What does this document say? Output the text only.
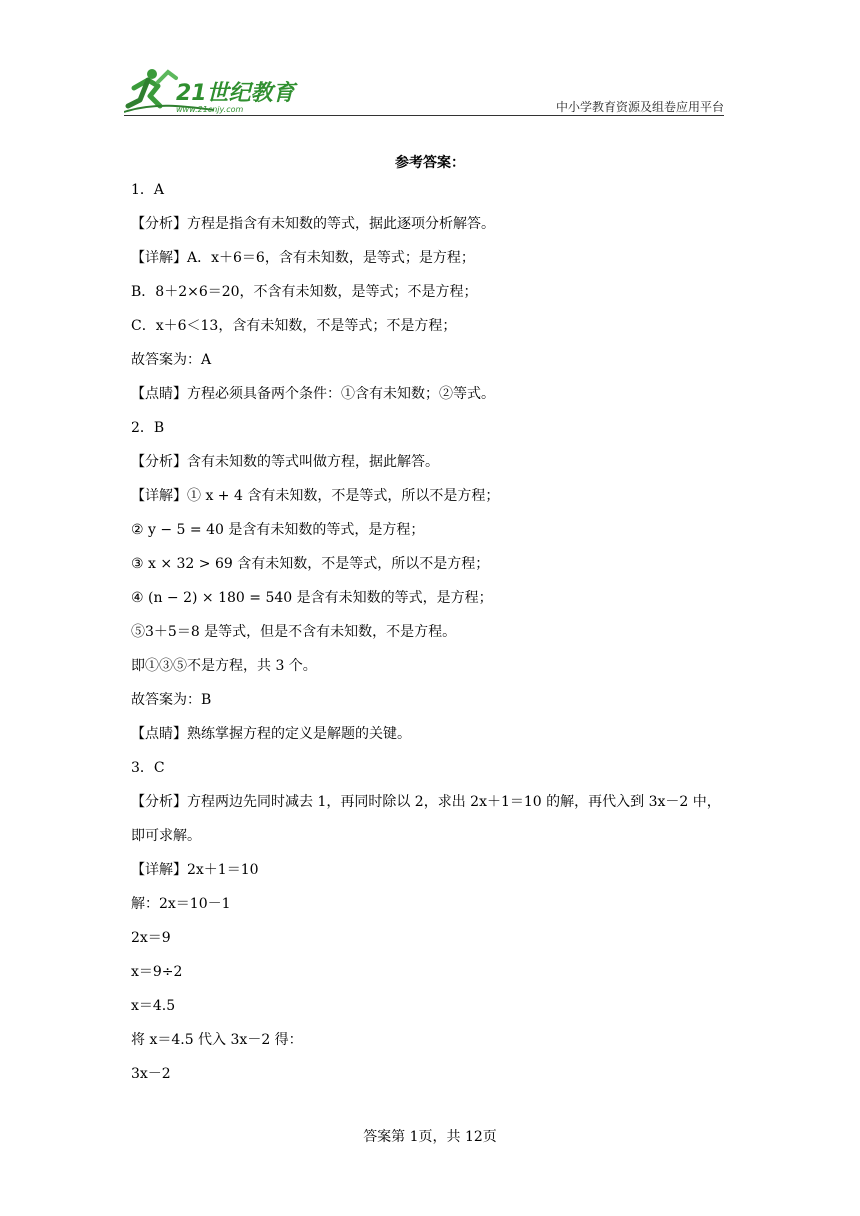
21世纪教育
www.21cnjy.com	中小学教育资源及组卷应用平台
参考答案：
1．A
【分析】方程是指含有未知数的等式，据此逐项分析解答。
【详解】A．x＋6＝6，含有未知数，是等式；是方程；
B．8＋2×6＝20，不含有未知数，是等式；不是方程；
C．x＋6＜13，含有未知数，不是等式；不是方程；
故答案为：A
【点睛】方程必须具备两个条件：①含有未知数；②等式。
2．B
【分析】含有未知数的等式叫做方程，据此解答。
【详解】① x + 4 含有未知数，不是等式，所以不是方程；
② y − 5 = 40 是含有未知数的等式，是方程；
③ x × 32 > 69 含有未知数，不是等式，所以不是方程；
④ (n − 2) × 180 = 540 是含有未知数的等式，是方程；
⑤3＋5＝8 是等式，但是不含有未知数，不是方程。
即①③⑤不是方程，共 3 个。
故答案为：B
【点睛】熟练掌握方程的定义是解题的关键。
3．C
【分析】方程两边先同时减去 1，再同时除以 2，求出 2x＋1＝10 的解，再代入到 3x－2 中，
即可求解。
【详解】2x＋1＝10
解：2x＝10－1
2x＝9
x＝9÷2
x＝4.5
将 x＝4.5 代入 3x－2 得：
3x－2
答案第 1页，共 12页
